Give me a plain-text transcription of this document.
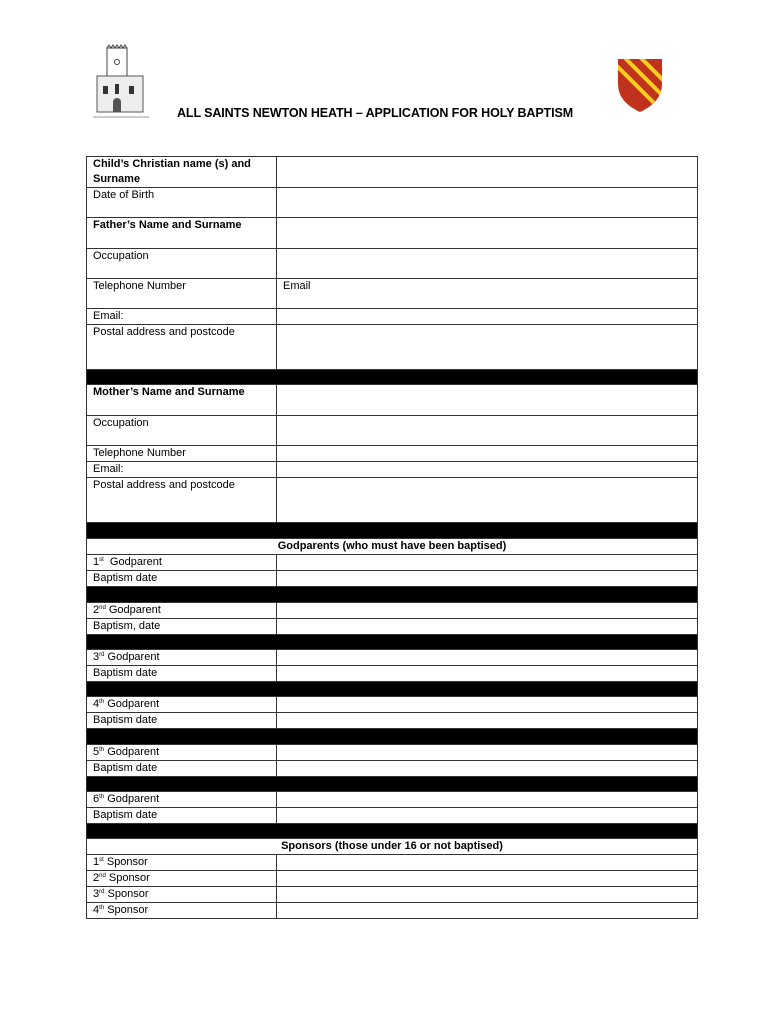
ALL SAINTS NEWTON HEATH – APPLICATION FOR HOLY BAPTISM
Child’s Christian name (s) and Surname	
Date of Birth	
Father’s Name and Surname	
Occupation	
Telephone Number	Email
Email:	
Postal address and postcode	

Mother’s Name and Surname	
Occupation	
Telephone Number	
Email:	
Postal address and postcode	

Godparents (who must have been baptised)	
1st  Godparent	
Baptism date	

2nd Godparent	
Baptism, date	

3rd Godparent	
Baptism date	

4th Godparent	
Baptism date	

5th Godparent	
Baptism date	

6th Godparent	
Baptism date	

Sponsors (those under 16 or not baptised)	
1st Sponsor	
2nd Sponsor	
3rd Sponsor	
4th Sponsor	
